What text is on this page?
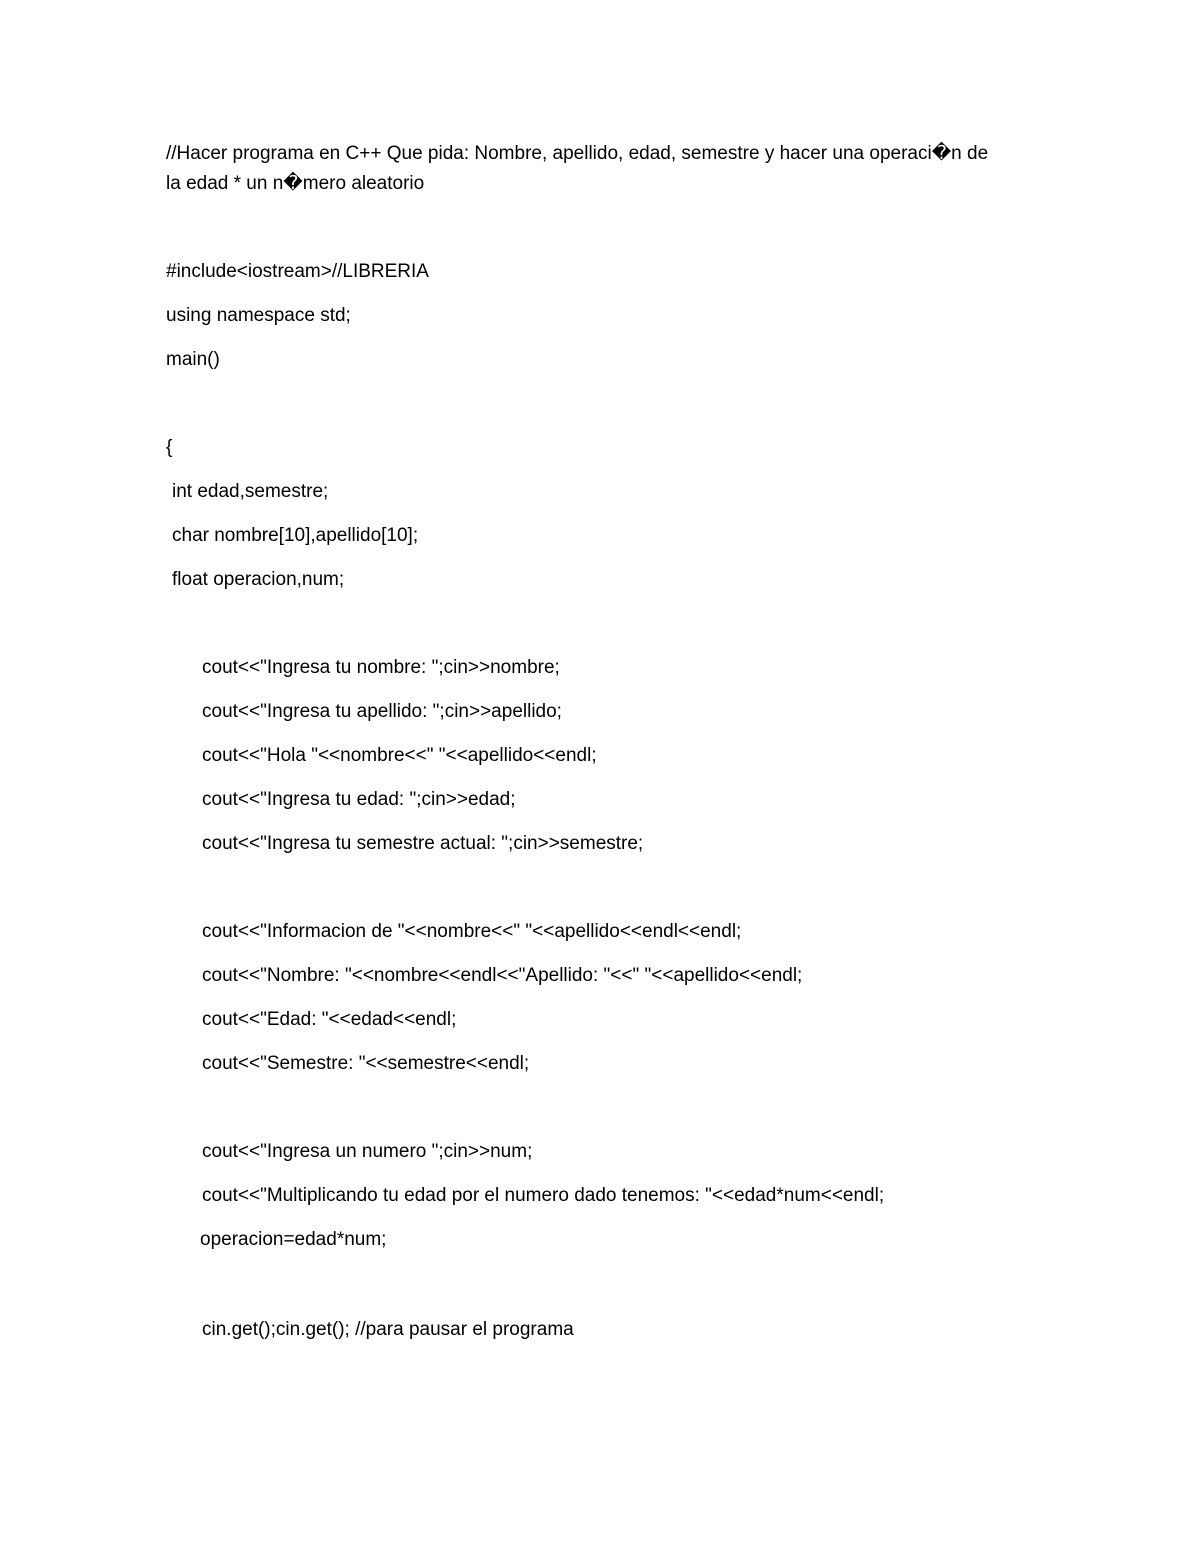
//Hacer programa en C++ Que pida: Nombre, apellido, edad, semestre y hacer una operaci�n de
la edad * un n�mero aleatorio
#include<iostream>//LIBRERIA
using namespace std;
main()
{
int edad,semestre;
char nombre[10],apellido[10];
float operacion,num;
cout<<"Ingresa tu nombre: ";cin>>nombre;
cout<<"Ingresa tu apellido: ";cin>>apellido;
cout<<"Hola "<<nombre<<" "<<apellido<<endl;
cout<<"Ingresa tu edad: ";cin>>edad;
cout<<"Ingresa tu semestre actual: ";cin>>semestre;
cout<<"Informacion de "<<nombre<<" "<<apellido<<endl<<endl;
cout<<"Nombre: "<<nombre<<endl<<"Apellido: "<<" "<<apellido<<endl;
cout<<"Edad: "<<edad<<endl;
cout<<"Semestre: "<<semestre<<endl;
cout<<"Ingresa un numero ";cin>>num;
cout<<"Multiplicando tu edad por el numero dado tenemos: "<<edad*num<<endl;
operacion=edad*num;
cin.get();cin.get(); //para pausar el programa
